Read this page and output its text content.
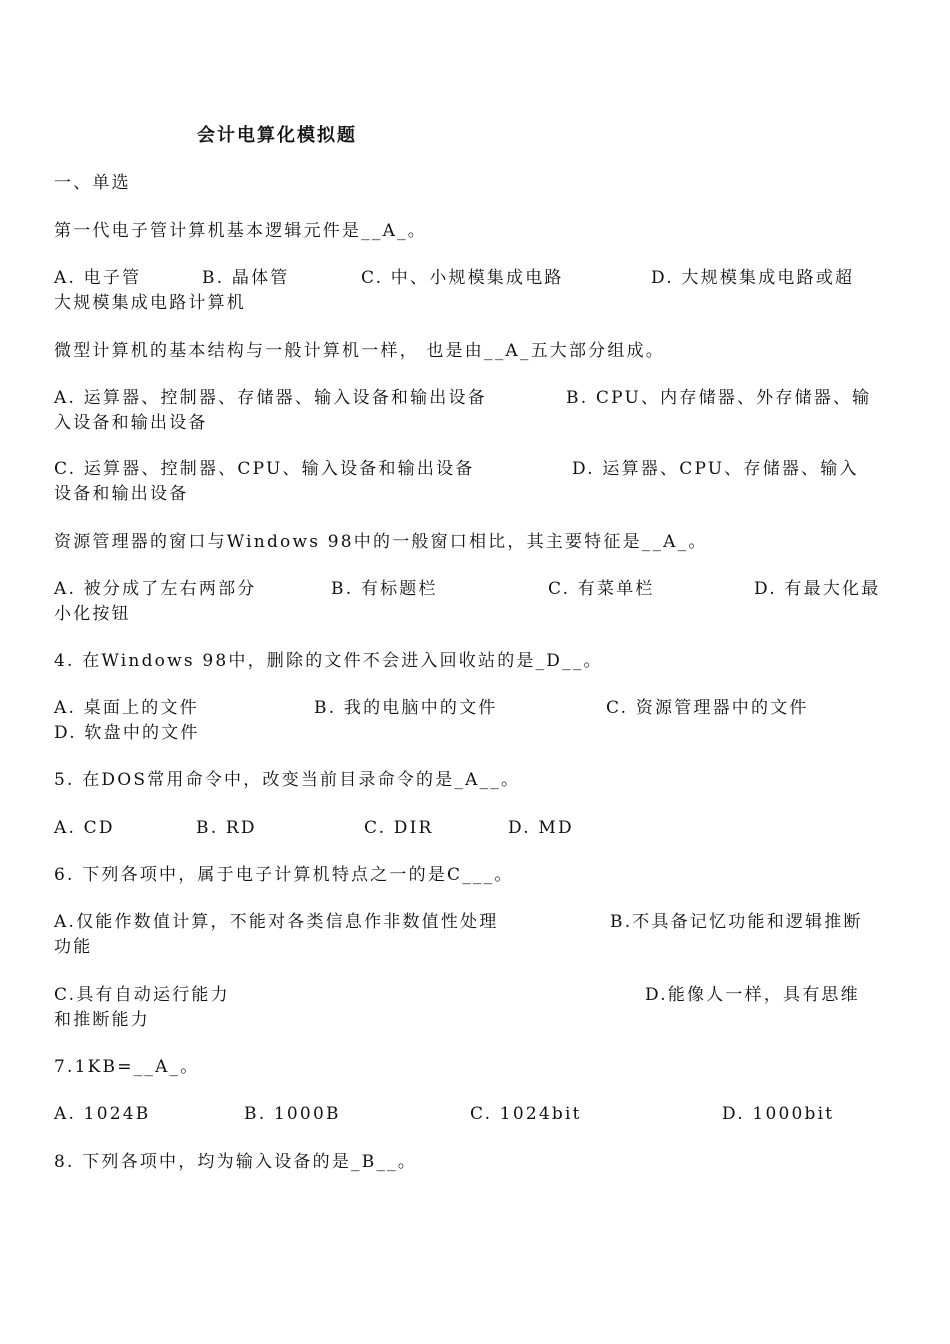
会计电算化模拟题
一、单选
第一代电子管计算机基本逻辑元件是__A_。
A. 电子管	B. 晶体管	C. 中、小规模集成电路	D. 大规模集成电路或超
大规模集成电路计算机
微型计算机的基本结构与一般计算机一样， 也是由__A_五大部分组成。
A. 运算器、控制器、存储器、输入设备和输出设备	B. CPU、内存储器、外存储器、输
入设备和输出设备
C. 运算器、控制器、CPU、输入设备和输出设备	D. 运算器、CPU、存储器、输入
设备和输出设备
资源管理器的窗口与Windows 98中的一般窗口相比，其主要特征是__A_。
A. 被分成了左右两部分	B. 有标题栏	C. 有菜单栏	D. 有最大化最
小化按钮
4. 在Windows 98中，删除的文件不会进入回收站的是_D__。
A. 桌面上的文件	B. 我的电脑中的文件	C. 资源管理器中的文件
D. 软盘中的文件
5. 在DOS常用命令中，改变当前目录命令的是_A__。
A. CD	B. RD	C. DIR	D. MD
6. 下列各项中，属于电子计算机特点之一的是C___。
A.仅能作数值计算，不能对各类信息作非数值性处理	B.不具备记忆功能和逻辑推断
功能
C.具有自动运行能力	D.能像人一样，具有思维
和推断能力
7.1KB=__A_。
A. 1024B	B. 1000B	C. 1024bit	D. 1000bit
8. 下列各项中，均为输入设备的是_B__。
